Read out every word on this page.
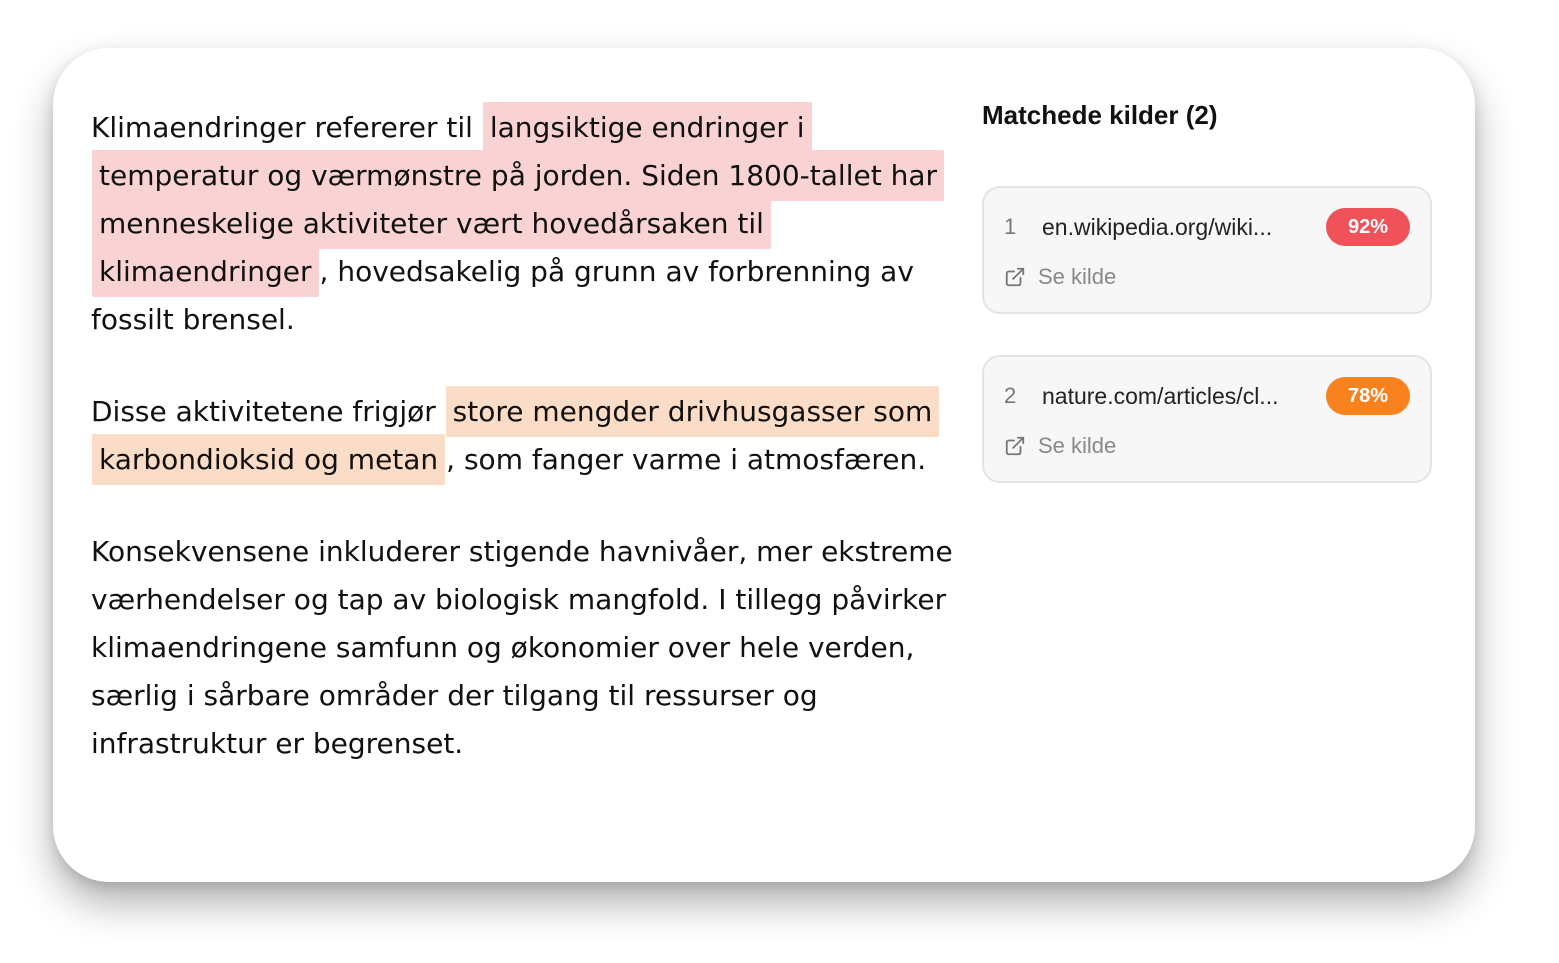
Klimaendringer refererer til langsiktige endringer i temperatur og værmønstre på jorden. Siden 1800-tallet har menneskelige aktiviteter vært hovedårsaken til klimaendringer , hovedsakelig på grunn av forbrenning av fossilt brensel.

Disse aktivitetene frigjør store mengder drivhusgasser som karbondioksid og metan , som fanger varme i atmosfæren.

Konsekvensene inkluderer stigende havnivåer, mer ekstreme værhendelser og tap av biologisk mangfold. I tillegg påvirker klimaendringene samfunn og økonomier over hele verden, særlig i sårbare områder der tilgang til ressurser og infrastruktur er begrenset.

Matchede kilder (2)
1 en.wikipedia.org/wiki...	92%
Se kilde
2 nature.com/articles/cl...	78%
Se kilde
